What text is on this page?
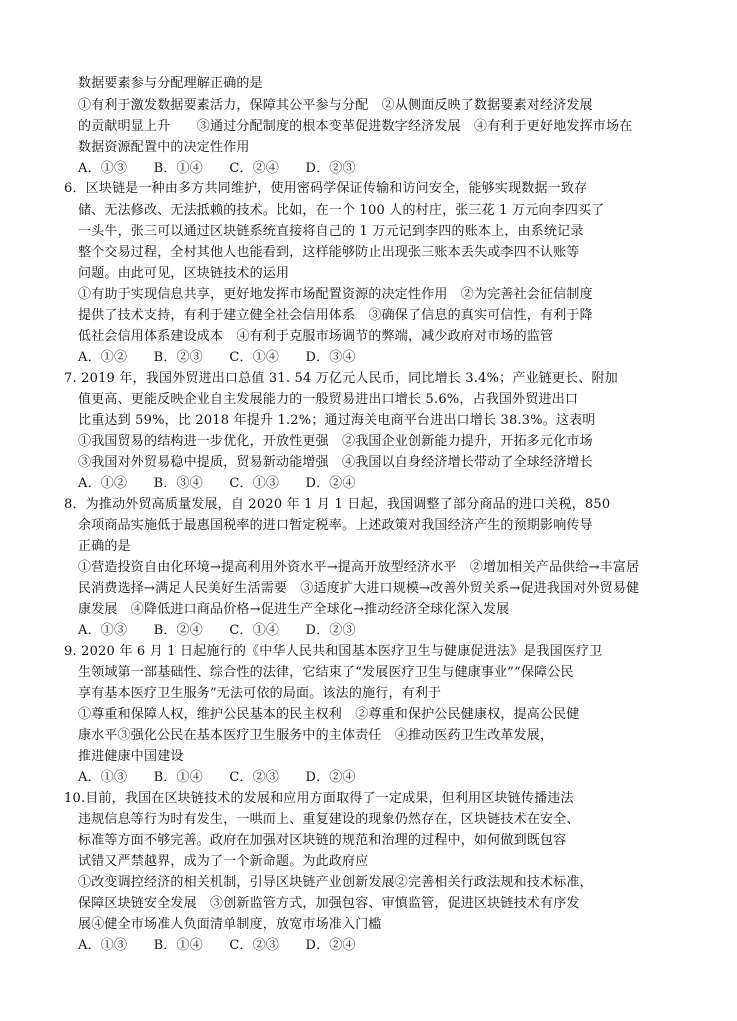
数据要素参与分配理解正确的是
①有利于激发数据要素活力，保障其公平参与分配　②从侧面反映了数据要素对经济发展
的贡献明显上升　　③通过分配制度的根本变革促进数字经济发展　④有利于更好地发挥市场在
数据资源配置中的决定性作用
A．①③　　B．①④　　C．②④　　D．②③
6．区块链是一种由多方共同维护，使用密码学保证传输和访问安全，能够实现数据一致存
储、无法修改、无法抵赖的技术。比如，在一个 100 人的村庄，张三花 1 万元向李四买了
一头牛，张三可以通过区块链系统直接将自己的 1 万元记到李四的账本上，由系统记录
整个交易过程，全村其他人也能看到，这样能够防止出现张三账本丢失或李四不认账等
问题。由此可见，区块链技术的运用
①有助于实现信息共享，更好地发挥市场配置资源的决定性作用　②为完善社会征信制度
提供了技术支持，有利于建立健全社会信用体系　③确保了信息的真实可信性，有利于降
低社会信用体系建设成本　④有利于克服市场调节的弊端，减少政府对市场的监管
A．①②　　B．②③　　C．①④　　D．③④
7. 2019 年，我国外贸进出口总值 31. 54 万亿元人民币，同比增长 3.4%；产业链更长、附加
值更高、更能反映企业自主发展能力的一般贸易进出口增长 5.6%，占我国外贸进出口
比重达到 59%，比 2018 年提升 1.2%；通过海关电商平台进出口增长 38.3%。这表明
①我国贸易的结构进一步优化，开放性更强　②我国企业创新能力提升，开拓多元化市场
③我国对外贸易稳中提质，贸易新动能增强　④我国以自身经济增长带动了全球经济增长
A．①②　　B．③④　　C．①③　　D．②④
8．为推动外贸高质量发展，自 2020 年 1 月 1 日起，我国调整了部分商品的进口关税，850
余项商品实施低于最惠国税率的进口暂定税率。上述政策对我国经济产生的预期影响传导
正确的是
①营造投资自由化环境→提高利用外资水平→提高开放型经济水平　②增加相关产品供给→丰富居
民消费选择→满足人民美好生活需要　③适度扩大进口规模→改善外贸关系→促进我国对外贸易健
康发展　④降低进口商品价格→促进生产全球化→推动经济全球化深入发展
A．①③　　B．②④　　C．①④　　D．②③
9. 2020 年 6 月 1 日起施行的《中华人民共和国基本医疗卫生与健康促进法》是我国医疗卫
生领域第一部基础性、综合性的法律，它结束了“发展医疗卫生与健康事业”“保障公民
享有基本医疗卫生服务”无法可依的局面。该法的施行，有利于
①尊重和保障人权，维护公民基本的民主权利　②尊重和保护公民健康权，提高公民健
康水平③强化公民在基本医疗卫生服务中的主体责任　④推动医药卫生改革发展，
推进健康中国建设
A．①③　　B．①④　　C．②③　　D．②④
10.目前，我国在区块链技术的发展和应用方面取得了一定成果，但利用区块链传播违法
违规信息等行为时有发生，一哄而上、重复建设的现象仍然存在，区块链技术在安全、
标准等方面不够完善。政府在加强对区块链的规范和治理的过程中，如何做到既包容
试错又严禁越界，成为了一个新命题。为此政府应
①改变调控经济的相关机制，引导区块链产业创新发展②完善相关行政法规和技术标准，
保障区块链安全发展　③创新监管方式，加强包容、审慎监管，促进区块链技术有序发
展④健全市场准人负面清单制度，放宽市场准入门槛
A．①③　　B．①④　　C．②③　　D．②④
